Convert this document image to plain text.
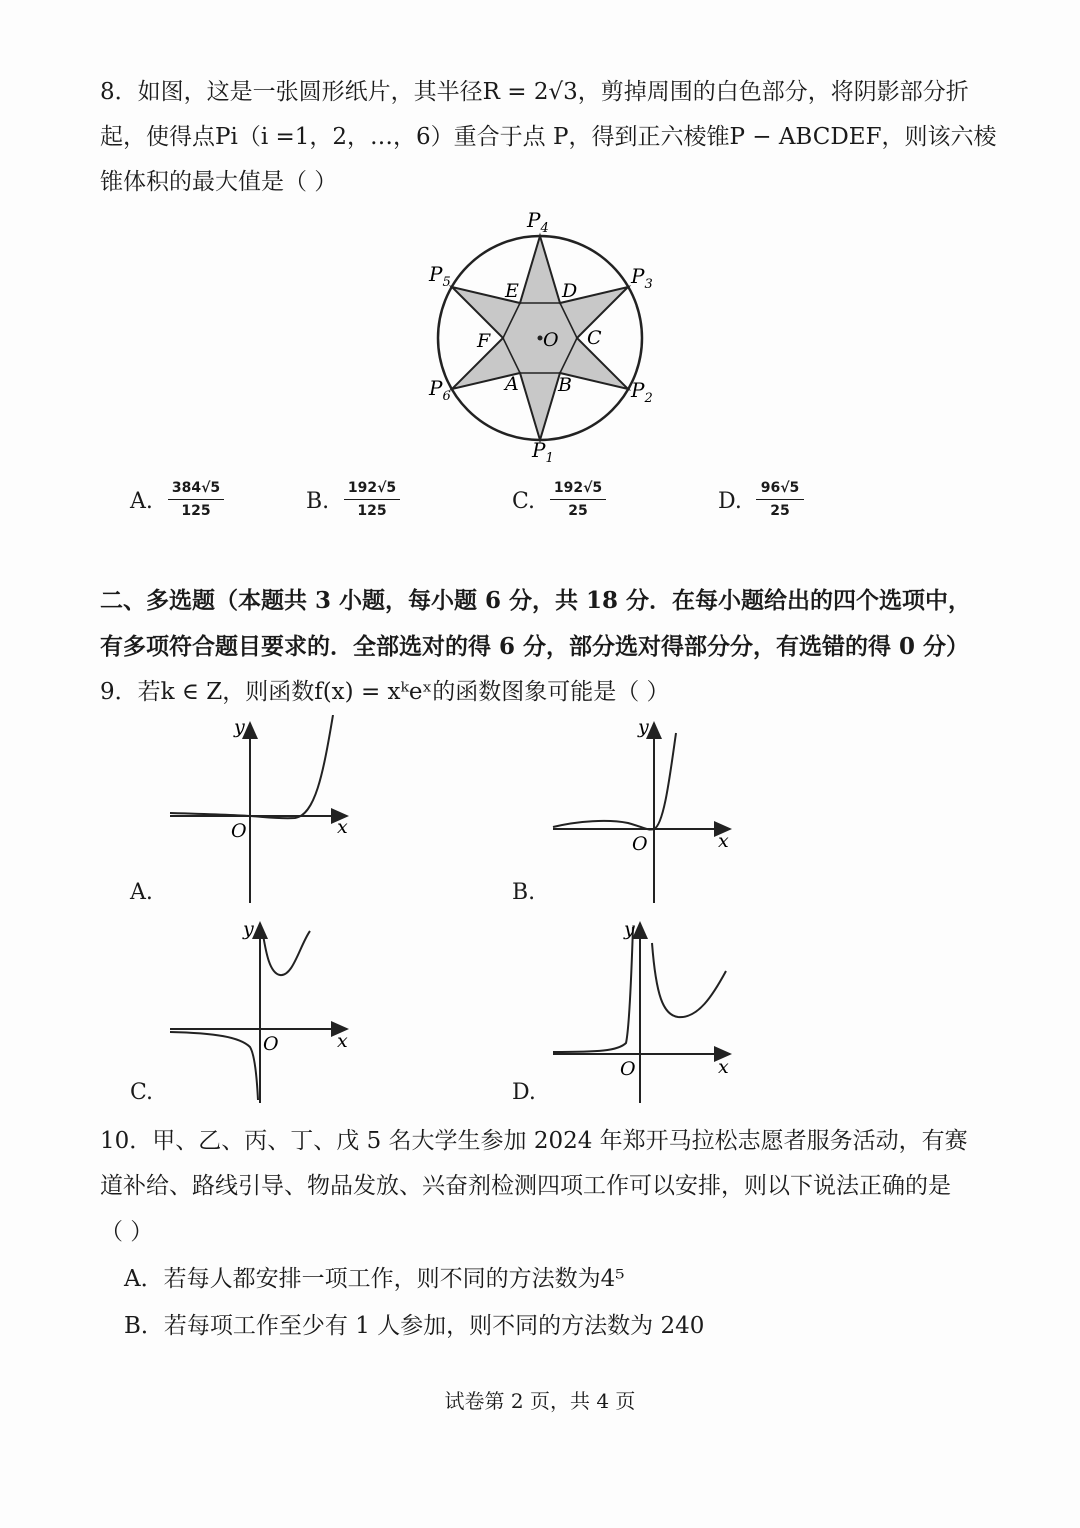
8．如图，这是一张圆形纸片，其半径R = 2√3，剪掉周围的白色部分，将阴影部分折
起，使得点Pi（i =1，2，…，6）重合于点 P，得到正六棱锥P − ABCDEF，则该六棱
锥体积的最大值是（ ）
$P_4$
$P_5$	$P_3$
$P_6$	$P_2$
$P_1$
E D
F	C
A B
O
A.
384√5
125	B.
192√5
125	C.
192√5
25	D.
96√5
25
二、多选题（本题共 3 小题，每小题 6 分，共 18 分．在每小题给出的四个选项中，
有多项符合题目要求的．全部选对的得 6 分，部分选对得部分分，有选错的得 0 分）
9．若k ∈ Z，则函数f(x) = xᵏeˣ的函数图象可能是（ ）
y
x
O
A.
y
x
O
B.
y
x
O
C.
y
x
O
D.
10．甲、乙、丙、丁、戊 5 名大学生参加 2024 年郑开马拉松志愿者服务活动，有赛
道补给、路线引导、物品发放、兴奋剂检测四项工作可以安排，则以下说法正确的是
（ ）
A．若每人都安排一项工作，则不同的方法数为4⁵
B．若每项工作至少有 1 人参加，则不同的方法数为 240
试卷第 2 页，共 4 页
